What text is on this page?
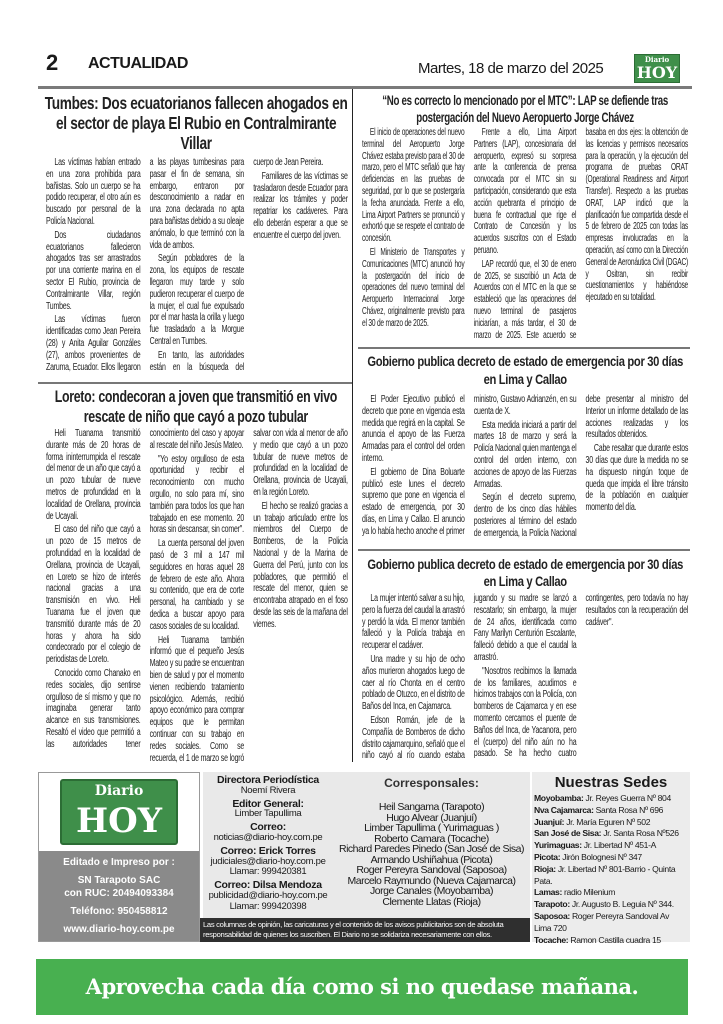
2 ACTUALIDAD	Martes, 18 de marzo del 2025
Diario
HOY
Tumbes: Dos ecuatorianos fallecen ahogados en el sector de playa El Rubio en Contralmirante Villar

Las víctimas habían entrado en una zona prohibida para bañistas. Solo un cuerpo se ha podido recuperar, el otro aún es buscado por personal de la Policía Nacional.

Dos ciudadanos ecuatorianos fallecieron ahogados tras ser arrastrados por una corriente marina en el sector El Rubio, provincia de Contralmirante Villar, región Tumbes.

Las víctimas fueron identificadas como Jean Pereira (28) y Anita Aguilar Gonzáles (27), ambos provenientes de Zaruma, Ecuador. Ellos llegaron a las playas tumbesinas para pasar el fin de semana, sin embargo, entraron por desconocimiento a nadar en una zona declarada no apta para bañistas debido a su oleaje anómalo, lo que terminó con la vida de ambos.

Según pobladores de la zona, los equipos de rescate llegaron muy tarde y solo pudieron recuperar el cuerpo de la mujer, el cual fue expulsado por el mar hasta la orilla y luego fue trasladado a la Morgue Central en Tumbes.

En tanto, las autoridades están en la búsqueda del cuerpo de Jean Pereira.

Familiares de las víctimas se trasladaron desde Ecuador para realizar los trámites y poder repatriar los cadáveres. Para ello deberán esperar a que se encuentre el cuerpo del joven.

Loreto: condecoran a joven que transmitió en vivo rescate de niño que cayó a pozo tubular

Heli Tuanama transmitió durante más de 20 horas de forma ininterrumpida el rescate del menor de un año que cayó a un pozo tubular de nueve metros de profundidad en la localidad de Orellana, provincia de Ucayali.

El caso del niño que cayó a un pozo de 15 metros de profundidad en la localidad de Orellana, provincia de Ucayali, en Loreto se hizo de interés nacional gracias a una transmisión en vivo. Heli Tuanama fue el joven que transmitió durante más de 20 horas y ahora ha sido condecorado por el colegio de periodistas de Loreto.

Conocido como Chanako en redes sociales, dijo sentirse orgulloso de sí mismo y que no imaginaba generar tanto alcance en sus transmisiones. Resaltó el video que permitió a las autoridades tener conocimiento del caso y apoyar al rescate del niño Jesús Mateo.

"Yo estoy orgulloso de esta oportunidad y recibir el reconocimiento con mucho orgullo, no solo para mí, sino también para todos los que han trabajado en ese momento. 20 horas sin descansar, sin comer".

La cuenta personal del joven pasó de 3 mil a 147 mil seguidores en horas aquel 28 de febrero de este año. Ahora su contenido, que era de corte personal, ha cambiado y se dedica a buscar apoyo para casos sociales de su localidad.

Heli Tuanama también informó que el pequeño Jesús Mateo y su padre se encuentran bien de salud y por el momento vienen recibiendo tratamiento psicológico. Además, recibió apoyo económico para comprar equipos que le permitan continuar con su trabajo en redes sociales. Como se recuerda, el 1 de marzo se logró salvar con vida al menor de año y medio que cayó a un pozo tubular de nueve metros de profundidad en la localidad de Orellana, provincia de Ucayali, en la región Loreto.

El hecho se realizó gracias a un trabajo articulado entre los miembros del Cuerpo de Bomberos, de la Policía Nacional y de la Marina de Guerra del Perú, junto con los pobladores, que permitió el rescate del menor, quien se encontraba atrapado en el foso desde las seis de la mañana del viernes.

“No es correcto lo mencionado por el MTC”: LAP se defiende tras postergación del Nuevo Aeropuerto Jorge Chávez

El inicio de operaciones del nuevo terminal del Aeropuerto Jorge Chávez estaba previsto para el 30 de marzo, pero el MTC señaló que hay deficiencias en las pruebas de seguridad, por lo que se postergaría la fecha anunciada. Frente a ello, Lima Airport Partners se pronunció y exhortó que se respete el contrato de concesión.

El Ministerio de Transportes y Comunicaciones (MTC) anunció hoy la postergación del inicio de operaciones del nuevo terminal del Aeropuerto Internacional Jorge Chávez, originalmente previsto para el 30 de marzo de 2025.

Frente a ello, Lima Airport Partners (LAP), concesionaria del aeropuerto, expresó su sorpresa ante la conferencia de prensa convocada por el MTC sin su participación, considerando que esta acción quebranta el principio de buena fe contractual que rige el Contrato de Concesión y los acuerdos suscritos con el Estado peruano.

LAP recordó que, el 30 de enero de 2025, se suscribió un Acta de Acuerdos con el MTC en la que se estableció que las operaciones del nuevo terminal de pasajeros iniciarían, a más tardar, el 30 de marzo de 2025. Este acuerdo se basaba en dos ejes: la obtención de las licencias y permisos necesarios para la operación, y la ejecución del programa de pruebas ORAT (Operational Readiness and Airport Transfer). Respecto a las pruebas ORAT, LAP indicó que la planificación fue compartida desde el 5 de febrero de 2025 con todas las empresas involucradas en la operación, así como con la Dirección General de Aeronáutica Civil (DGAC) y Ositran, sin recibir cuestionamientos y habiéndose ejecutado en su totalidad.

Gobierno publica decreto de estado de emergencia por 30 días en Lima y Callao

El Poder Ejecutivo publicó el decreto que pone en vigencia esta medida que regirá en la capital. Se anuncia el apoyo de las Fuerza Armadas para el control del orden interno.

El gobierno de Dina Boluarte publicó este lunes el decreto supremo que pone en vigencia el estado de emergencia, por 30 días, en Lima y Callao. El anuncio ya lo había hecho anoche el primer ministro, Gustavo Adrianzén, en su cuenta de X.

Esta medida iniciará a partir del martes 18 de marzo y será la Policía Nacional quien mantenga el control del orden interno, con acciones de apoyo de las Fuerzas Armadas.

Según el decreto supremo, dentro de los cinco días hábiles posteriores al término del estado de emergencia, la Policía Nacional debe presentar al ministro del Interior un informe detallado de las acciones realizadas y los resultados obtenidos.

Cabe resaltar que durante estos 30 días que dure la medida no se ha dispuesto ningún toque de queda que impida el libre tránsito de la población en cualquier momento del día.

Gobierno publica decreto de estado de emergencia por 30 días en Lima y Callao

La mujer intentó salvar a su hijo, pero la fuerza del caudal la arrastró y perdió la vida. El menor también falleció y la Policía trabaja en recuperar el cadáver.

Una madre y su hijo de ocho años murieron ahogados luego de caer al río Chonta en el centro poblado de Otuzco, en el distrito de Baños del Inca, en Cajamarca.

Edson Román, jefe de la Compañía de Bomberos de dicho distrito cajamarquino, señaló que el niño cayó al río cuando estaba jugando y su madre se lanzó a rescatarlo; sin embargo, la mujer de 24 años, identificada como Fany Marilyn Centurión Escalante, falleció debido a que el caudal la arrastró.

"Nosotros recibimos la llamada de los familiares, acudimos e hicimos trabajos con la Policía, con bomberos de Cajamarca y en ese momento cercamos el puente de Baños del Inca, de Yacanora, pero el (cuerpo) del niño aún no ha pasado. Se ha hecho cuatro contingentes, pero todavía no hay resultados con la recuperación del cadáver".

Diario
HOY
Editado e Impreso por :
SN Tarapoto SAC
con RUC: 20494093384
Teléfono: 950458812
www.diario-hoy.com.pe
Directora Periodística
Noemí Rivera
Editor General:
Limber Tapullima
Correo:
noticias@diario-hoy.com.pe
Correo: Erick Torres
judiciales@diario-hoy.com.pe
Llamar: 999420381
Correo: Dilsa Mendoza
publicidad@diario-hoy.com.pe
Llamar: 999420398
Corresponsales:
Heil Sangama (Tarapoto)
Hugo Alvear (Juanjuí)
Limber Tapullima ( Yurimaguas )
Roberto Camara (Tocache)
Richard Paredes Pinedo (San José de Sisa)
Armando Ushiñahua (Picota)
Roger Pereyra Sandoval (Saposoa)
Marcelo Raymundo (Nueva Cajamarca)
Jorge Canales (Moyobamba)
Clemente Llatas (Rioja)
Las columnas de opinión, las caricaturas y el contenido de los avisos publicitarios son de absoluta responsabilidad de quienes los suscriben. El Diario no se solidariza necesariamente con ellos.
Nuestras Sedes
Moyobamba: Jr. Reyes Guerra Nº 804
Nva Cajamarca: Santa Rosa Nº 696
Juanjuí: Jr. María Eguren Nº 502
San José de Sisa: Jr. Santa Rosa Nº526
Yurimaguas: Jr. Libertad Nº 451-A
Picota: Jirón Bolognesi Nº 347
Rioja: Jr. Libertad Nº 801-Barrio - Quinta Pata.
Lamas: radio Milenium
Tarapoto: Jr. Augusto B. Leguia Nº 344.
Saposoa: Roger Pereyra Sandoval Av Lima 720
Tocache: Ramon Castilla cuadra 15
Aprovecha cada día como si no quedase mañana.
